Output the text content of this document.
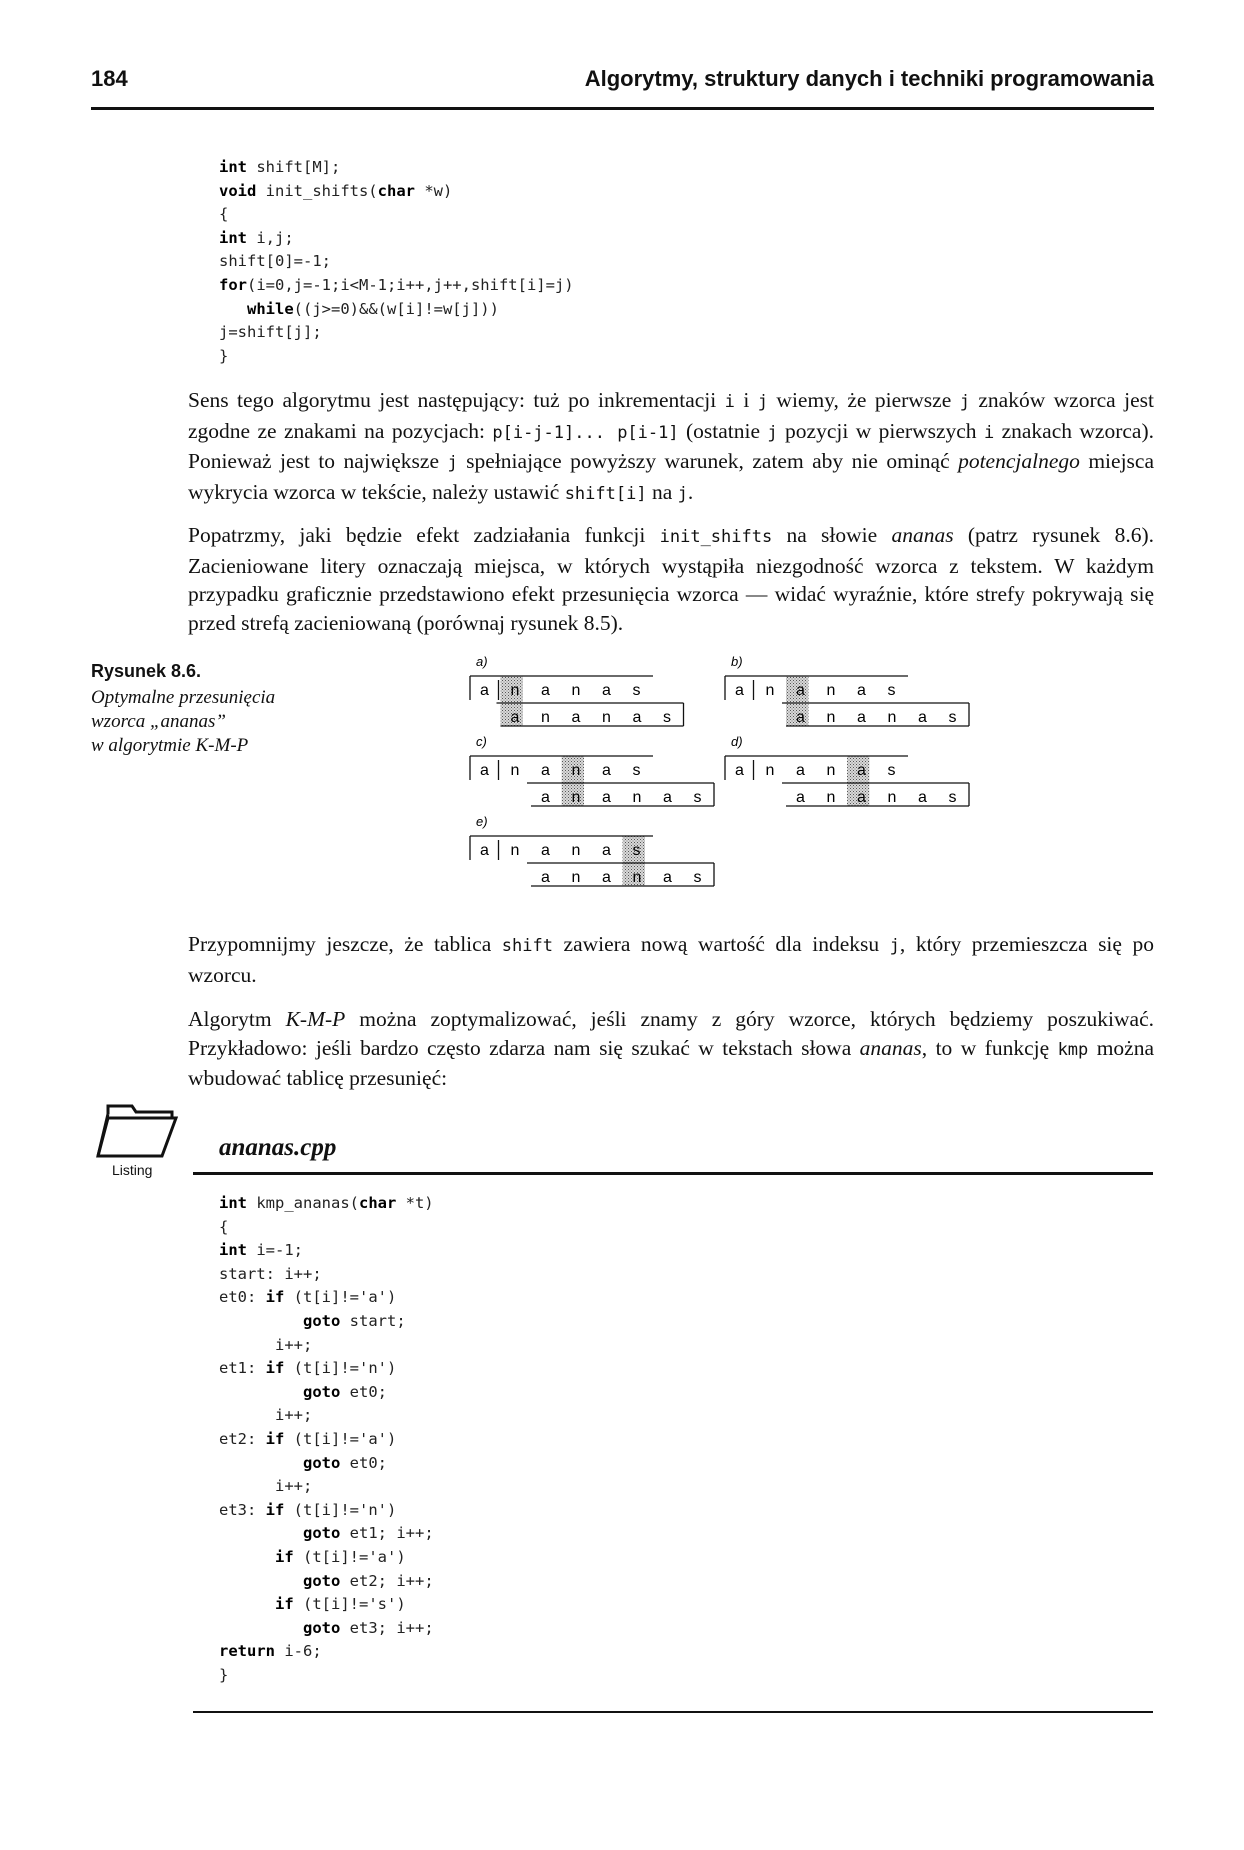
184	Algorytmy, struktury danych i techniki programowania
int shift[M];
void init_shifts(char *w)
{
int i,j;
shift[0]=-1;
for(i=0,j=-1;i<M-1;i++,j++,shift[i]=j)
while((j>=0)&&(w[i]!=w[j]))
j=shift[j];
}
Sens tego algorytmu jest następujący: tuż po inkrementacji i i j wiemy, że pierwsze j znaków wzorca jest zgodne ze znakami na pozycjach: p[i-j-1]... p[i-1] (ostatnie j pozycji w pierwszych i znakach wzorca). Ponieważ jest to największe j spełniające powyższy warunek, zatem aby nie ominąć potencjalnego miejsca wykrycia wzorca w tekście, należy ustawić shift[i] na j.
Popatrzmy, jaki będzie efekt zadziałania funkcji init_shifts na słowie ananas (patrz rysunek 8.6). Zacieniowane litery oznaczają miejsca, w których wystąpiła niezgodność wzorca z tekstem. W każdym przypadku graficznie przedstawiono efekt przesunięcia wzorca — widać wyraźnie, które strefy pokrywają się przed strefą zacieniowaną (porównaj rysunek 8.5).
Rysunek 8.6.
Optymalne przesunięcia
wzorca „ananas”
w algorytmie K-M-P
a)
a n a n a s
a n a n a s
b)
a n a n a s
a n a n a s
c)
a n a n a s
a n a n a s
d)
a n a n a s
a n a n a s
e)
a n a n a s
a n a n a s
Przypomnijmy jeszcze, że tablica shift zawiera nową wartość dla indeksu j, który przemieszcza się po wzorcu.
Algorytm K-M-P można zoptymalizować, jeśli znamy z góry wzorce, których będziemy poszukiwać. Przykładowo: jeśli bardzo często zdarza nam się szukać w tekstach słowa ananas, to w funkcję kmp można wbudować tablicę przesunięć:
Listing
ananas.cpp
int kmp_ananas(char *t)
{
int i=-1;
start: i++;
et0: if (t[i]!='a')
goto start;
i++;
et1: if (t[i]!='n')
goto et0;
i++;
et2: if (t[i]!='a')
goto et0;
i++;
et3: if (t[i]!='n')
goto et1; i++;
if (t[i]!='a')
goto et2; i++;
if (t[i]!='s')
goto et3; i++;
return i-6;
}
